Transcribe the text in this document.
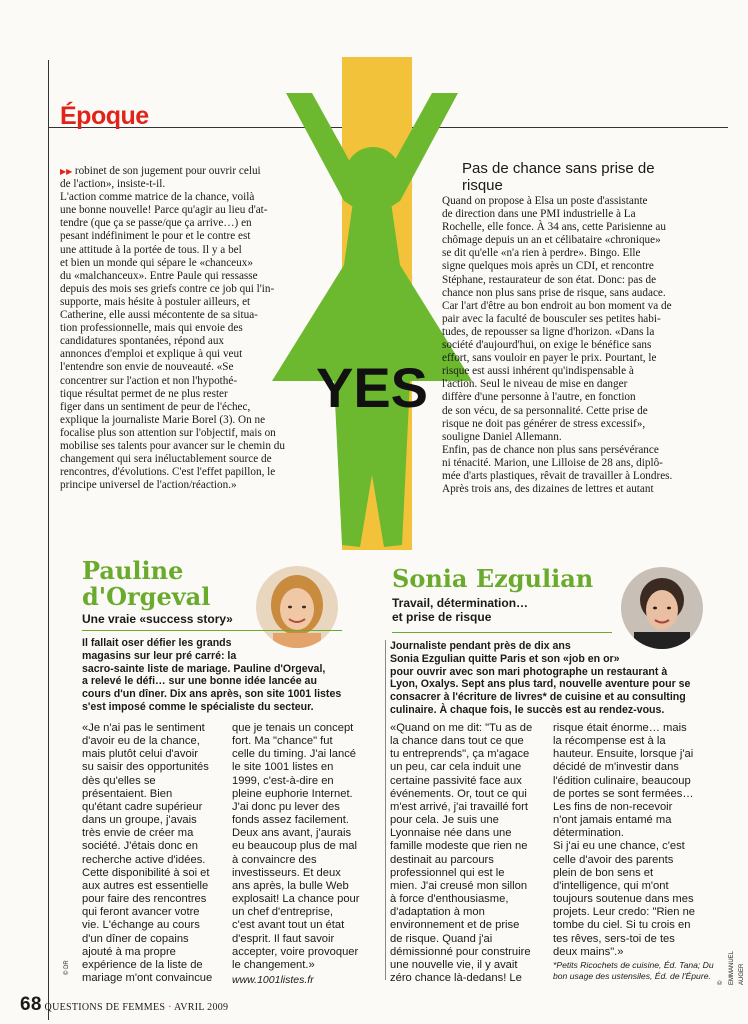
Époque
YES
▶▶ robinet de son jugement pour ouvrir celui

de l'action», insiste-t-il.
L'action comme matrice de la chance, voilà
une bonne nouvelle! Parce qu'agir au lieu d'at-
tendre (que ça se passe/que ça arrive…) en
pesant indéfiniment le pour et le contre est
une attitude à la portée de tous. Il y a bel
et bien un monde qui sépare le «chanceux»
du «malchanceux». Entre Paule qui ressasse
depuis des mois ses griefs contre ce job qui l'in-
supporte, mais hésite à postuler ailleurs, et
Catherine, elle aussi mécontente de sa situa-
tion professionnelle, mais qui envoie des
candidatures spontanées, répond aux
annonces d'emploi et explique à qui veut
l'entendre son envie de nouveauté. «Se
concentrer sur l'action et non l'hypothé-
tique résultat permet de ne plus rester
figer dans un sentiment de peur de l'échec,
explique la journaliste Marie Borel (3). On ne
focalise plus son attention sur l'objectif, mais on
mobilise ses talents pour avancer sur le chemin du
changement qui sera inéluctablement source de
rencontres, d'évolutions. C'est l'effet papillon, le
principe universel de l'action/réaction.»
Pas de chance sans prise de risque
Quand on propose à Elsa un poste d'assistante
de direction dans une PMI industrielle à La
Rochelle, elle fonce. À 34 ans, cette Parisienne au
chômage depuis un an et célibataire «chronique»
se dit qu'elle «n'a rien à perdre». Bingo. Elle
signe quelques mois après un CDI, et rencontre
Stéphane, restaurateur de son état. Donc: pas de
chance non plus sans prise de risque, sans audace.
Car l'art d'être au bon endroit au bon moment va de
pair avec la faculté de bousculer ses petites habi-
tudes, de repousser sa ligne d'horizon. «Dans la
société d'aujourd'hui, on exige le bénéfice sans
effort, sans vouloir en payer le prix. Pourtant, le
risque est aussi inhérent qu'indispensable à
l'action. Seul le niveau de mise en danger
diffère d'une personne à l'autre, en fonction
de son vécu, de sa personnalité. Cette prise de
risque ne doit pas générer de stress excessif»,
souligne Daniel Allemann.
Enfin, pas de chance non plus sans persévérance
ni ténacité. Marion, une Lilloise de 28 ans, diplô-
mée d'arts plastiques, rêvait de travailler à Londres.
Après trois ans, des dizaines de lettres et autant
Pauline
d'Orgeval
Une vraie «success story»
Il fallait oser défier les grands
magasins sur leur pré carré: la
sacro-sainte liste de mariage. Pauline d'Orgeval,
a relevé le défi… sur une bonne idée lancée au
cours d'un dîner. Dix ans après, son site 1001 listes
s'est imposé comme le spécialiste du secteur.
«Je n'ai pas le sentiment
d'avoir eu de la chance,
mais plutôt celui d'avoir
su saisir des opportunités
dès qu'elles se
présentaient. Bien
qu'étant cadre supérieur
dans un groupe, j'avais
très envie de créer ma
société. J'étais donc en
recherche active d'idées.
Cette disponibilité à soi et
aux autres est essentielle
pour faire des rencontres
qui feront avancer votre
vie. L'échange au cours
d'un dîner de copains
ajouté à ma propre
expérience de la liste de
mariage m'ont convaincue
que je tenais un concept
fort. Ma "chance" fut
celle du timing. J'ai lancé
le site 1001 listes en
1999, c'est-à-dire en
pleine euphorie Internet.
J'ai donc pu lever des
fonds assez facilement.
Deux ans avant, j'aurais
eu beaucoup plus de mal
à convaincre des
investisseurs. Et deux
ans après, la bulle Web
explosait! La chance pour
un chef d'entreprise,
c'est avant tout un état
d'esprit. Il faut savoir
accepter, voire provoquer
le changement.»
www.1001listes.fr
© DR
Sonia Ezgulian
Travail, détermination…
et prise de risque
Journaliste pendant près de dix ans
Sonia Ezgulian quitte Paris et son «job en or»
pour ouvrir avec son mari photographe un restaurant à
Lyon, Oxalys. Sept ans plus tard, nouvelle aventure pour se
consacrer à l'écriture de livres* de cuisine et au consulting
culinaire. À chaque fois, le succès est au rendez-vous.
«Quand on me dit: "Tu as de
la chance dans tout ce que
tu entreprends", ça m'agace
un peu, car cela induit une
certaine passivité face aux
événements. Or, tout ce qui
m'est arrivé, j'ai travaillé fort
pour cela. Je suis une
Lyonnaise née dans une
famille modeste que rien ne
destinait au parcours
professionnel qui est le
mien. J'ai creusé mon sillon
à force d'enthousiasme,
d'adaptation à mon
environnement et de prise
de risque. Quand j'ai
démissionné pour construire
une nouvelle vie, il y avait
zéro chance là-dedans! Le
risque était énorme… mais
la récompense est à la
hauteur. Ensuite, lorsque j'ai
décidé de m'investir dans
l'édition culinaire, beaucoup
de portes se sont fermées…
Les fins de non-recevoir
n'ont jamais entamé ma
détermination.
Si j'ai eu une chance, c'est
celle d'avoir des parents
plein de bon sens et
d'intelligence, qui m'ont
toujours soutenue dans mes
projets. Leur credo: "Rien ne
tombe du ciel. Si tu crois en
tes rêves, sers-toi de tes
deux mains".»
*Petits Ricochets de cuisine, Éd. Tana; Du
bon usage des ustensiles, Éd. de l'Épure.
© EMMANUEL AUGER
68 QUESTIONS DE FEMMES · AVRIL 2009
